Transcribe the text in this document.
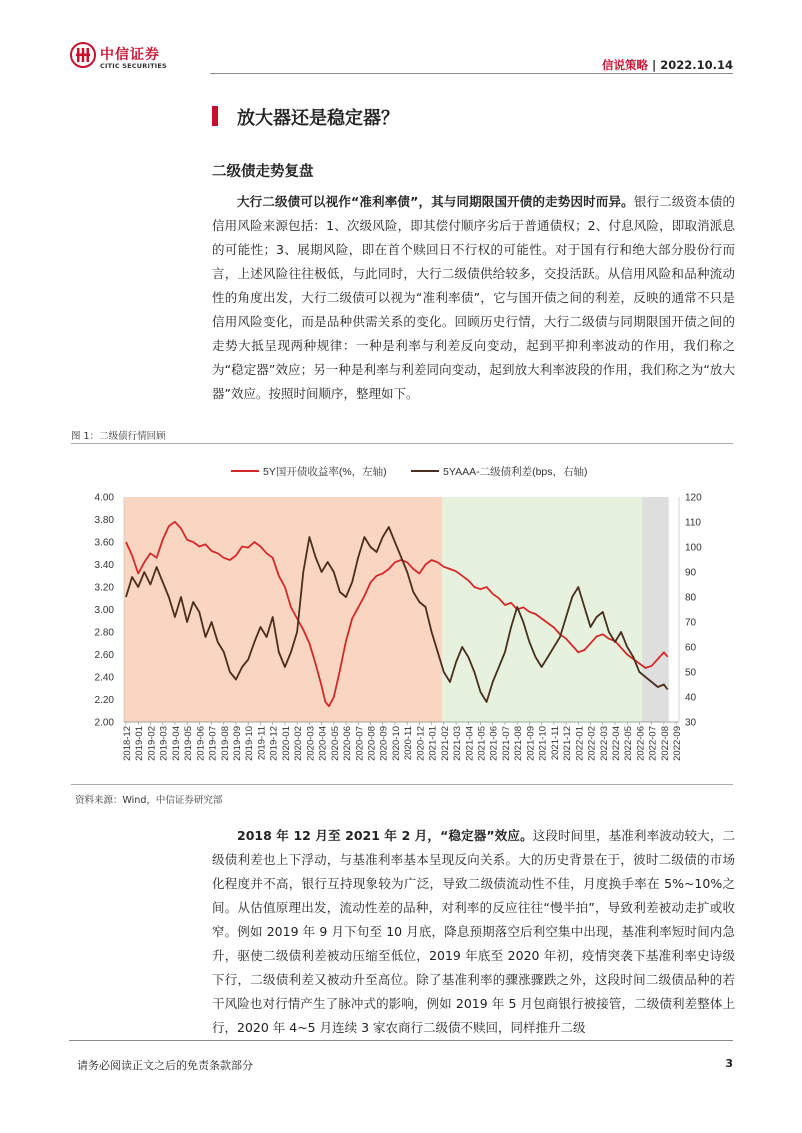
中信证券
CITIC SECURITIES	信说策略 | 2022.10.14
放大器还是稳定器？
二级债走势复盘
大行二级债可以视作“准利率债”，其与同期限国开债的走势因时而异。银行二级资本债的信用风险来源包括：1、次级风险，即其偿付顺序劣后于普通债权；2、付息风险，即取消派息的可能性；3、展期风险，即在首个赎回日不行权的可能性。对于国有行和绝大部分股份行而言，上述风险往往极低，与此同时，大行二级债供给较多，交投活跃。从信用风险和品种流动性的角度出发，大行二级债可以视为“准利率债”，它与国开债之间的利差，反映的通常不只是信用风险变化，而是品种供需关系的变化。回顾历史行情，大行二级债与同期限国开债之间的走势大抵呈现两种规律：一种是利率与利差反向变动，起到平抑利率波动的作用，我们称之为“稳定器”效应；另一种是利率与利差同向变动，起到放大利率波段的作用，我们称之为“放大器”效应。按照时间顺序，整理如下。
图 1：二级债行情回顾
2.00
2.20
2.40
2.60
2.80
3.00
3.20
3.40
3.60
3.80
4.00
30
40
50
60
70
80
90
100
110
120
2018-12 2019-01 2019-02 2019-03 2019-04 2019-05 2019-06 2019-07 2019-08 2019-09 2019-10 2019-11 2019-12 2020-01 2020-02 2020-03 2020-04 2020-05 2020-06 2020-07 2020-08 2020-09 2020-10 2020-11 2020-12 2021-01 2021-02 2021-03 2021-04 2021-05 2021-06 2021-07 2021-08 2021-09 2021-10 2021-11 2021-12 2022-01 2022-02 2022-03 2022-04 2022-05 2022-06 2022-07 2022-08 2022-09
5Y国开债收益率(%，左轴)	5YAAA-二级债利差(bps，右轴)
资料来源：Wind，中信证券研究部
2018 年 12 月至 2021 年 2 月，“稳定器”效应。这段时间里，基准利率波动较大，二级债利差也上下浮动，与基准利率基本呈现反向关系。大的历史背景在于，彼时二级债的市场化程度并不高，银行互持现象较为广泛，导致二级债流动性不佳，月度换手率在 5%~10%之间。从估值原理出发，流动性差的品种，对利率的反应往往“慢半拍”，导致利差被动走扩或收窄。例如 2019 年 9 月下旬至 10 月底，降息预期落空后利空集中出现，基准利率短时间内急升，驱使二级债利差被动压缩至低位，2019 年底至 2020 年初，疫情突袭下基准利率史诗级下行，二级债利差又被动升至高位。除了基准利率的骤涨骤跌之外，这段时间二级债品种的若干风险也对行情产生了脉冲式的影响，例如 2019 年 5 月包商银行被接管，二级债利差整体上行，2020 年 4~5 月连续 3 家农商行二级债不赎回，同样推升二级
请务必阅读正文之后的免责条款部分	3
